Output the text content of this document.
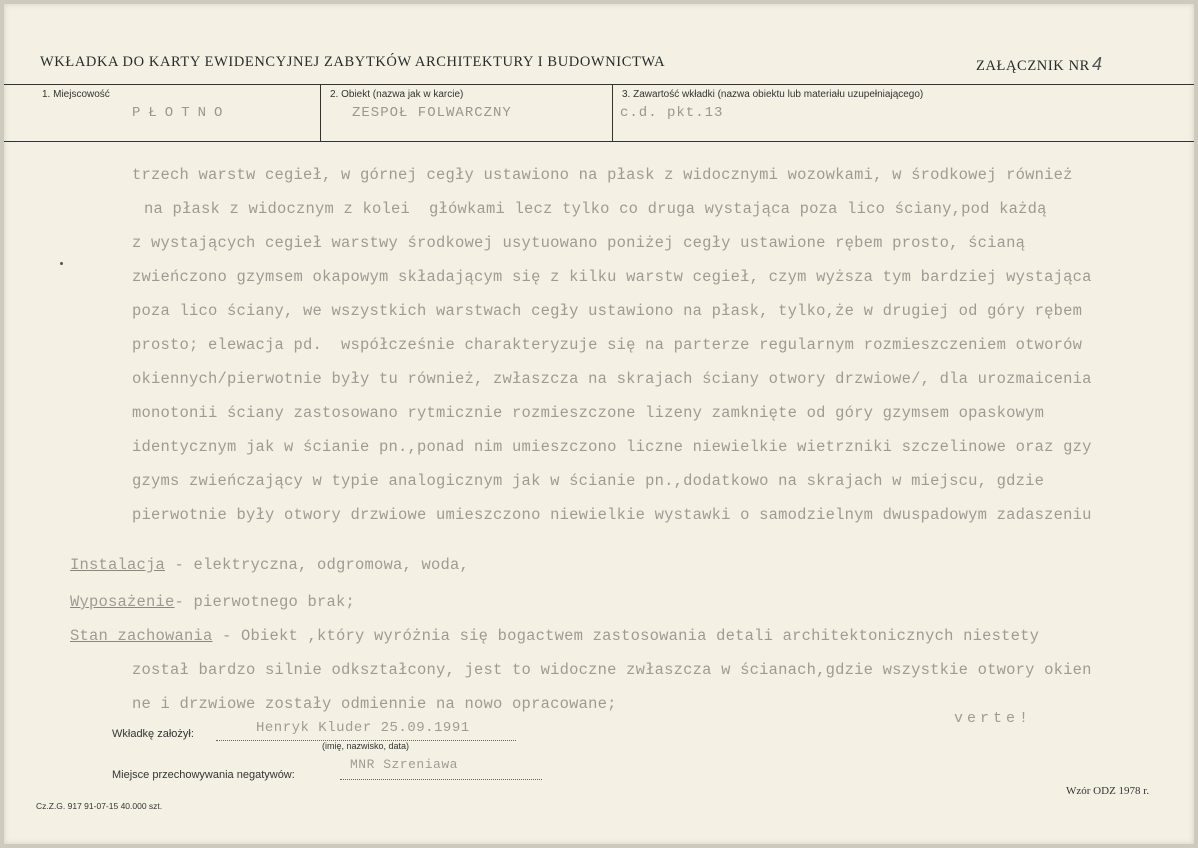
WKŁADKA DO KARTY EWIDENCYJNEJ ZABYTKÓW ARCHITEKTURY I BUDOWNICTWA	ZAŁĄCZNIK NR 4
1. Miejscowość
PŁOTNO
2. Obiekt (nazwa jak w karcie)
ZESPOŁ FOLWARCZNY
3. Zawartość wkładki (nazwa obiektu lub materiału uzupełniającego)
c.d. pkt.13
trzech warstw cegieł, w górnej cegły ustawiono na płask z widocznymi wozowkami, w środkowej również
na płask z widocznym z kolei  główkami lecz tylko co druga wystająca poza lico ściany,pod każdą
z wystających cegieł warstwy środkowej usytuowano poniżej cegły ustawione rębem prosto, ścianą
zwieńczono gzymsem okapowym składającym się z kilku warstw cegieł, czym wyższa tym bardziej wystająca
poza lico ściany, we wszystkich warstwach cegły ustawiono na płask, tylko,że w drugiej od góry rębem
prosto; elewacja pd.  współcześnie charakteryzuje się na parterze regularnym rozmieszczeniem otworów
okiennych/pierwotnie były tu również, zwłaszcza na skrajach ściany otwory drzwiowe/, dla urozmaicenia
monotonii ściany zastosowano rytmicznie rozmieszczone lizeny zamknięte od góry gzymsem opaskowym
identycznym jak w ścianie pn.,ponad nim umieszczono liczne niewielkie wietrzniki szczelinowe oraz gzy
gzyms zwieńczający w typie analogicznym jak w ścianie pn.,dodatkowo na skrajach w miejscu, gdzie
pierwotnie były otwory drzwiowe umieszczono niewielkie wystawki o samodzielnym dwuspadowym zadaszeniu
Instalacja - elektryczna, odgromowa, woda,
Wyposażenie- pierwotnego brak;
Stan zachowania - Obiekt ,który wyróżnia się bogactwem zastosowania detali architektonicznych niestety
został bardzo silnie odkształcony, jest to widoczne zwłaszcza w ścianach,gdzie wszystkie otwory okien
ne i drzwiowe zostały odmiennie na nowo opracowane;
verte!
Wkładkę założył:	Henryk Kluder 25.09.1991
(imię, nazwisko, data)
Miejsce przechowywania negatywów:
MNR Szreniawa
Cz.Z.G. 917 91-07-15 40.000 szt.
Wzór ODZ 1978 r.
